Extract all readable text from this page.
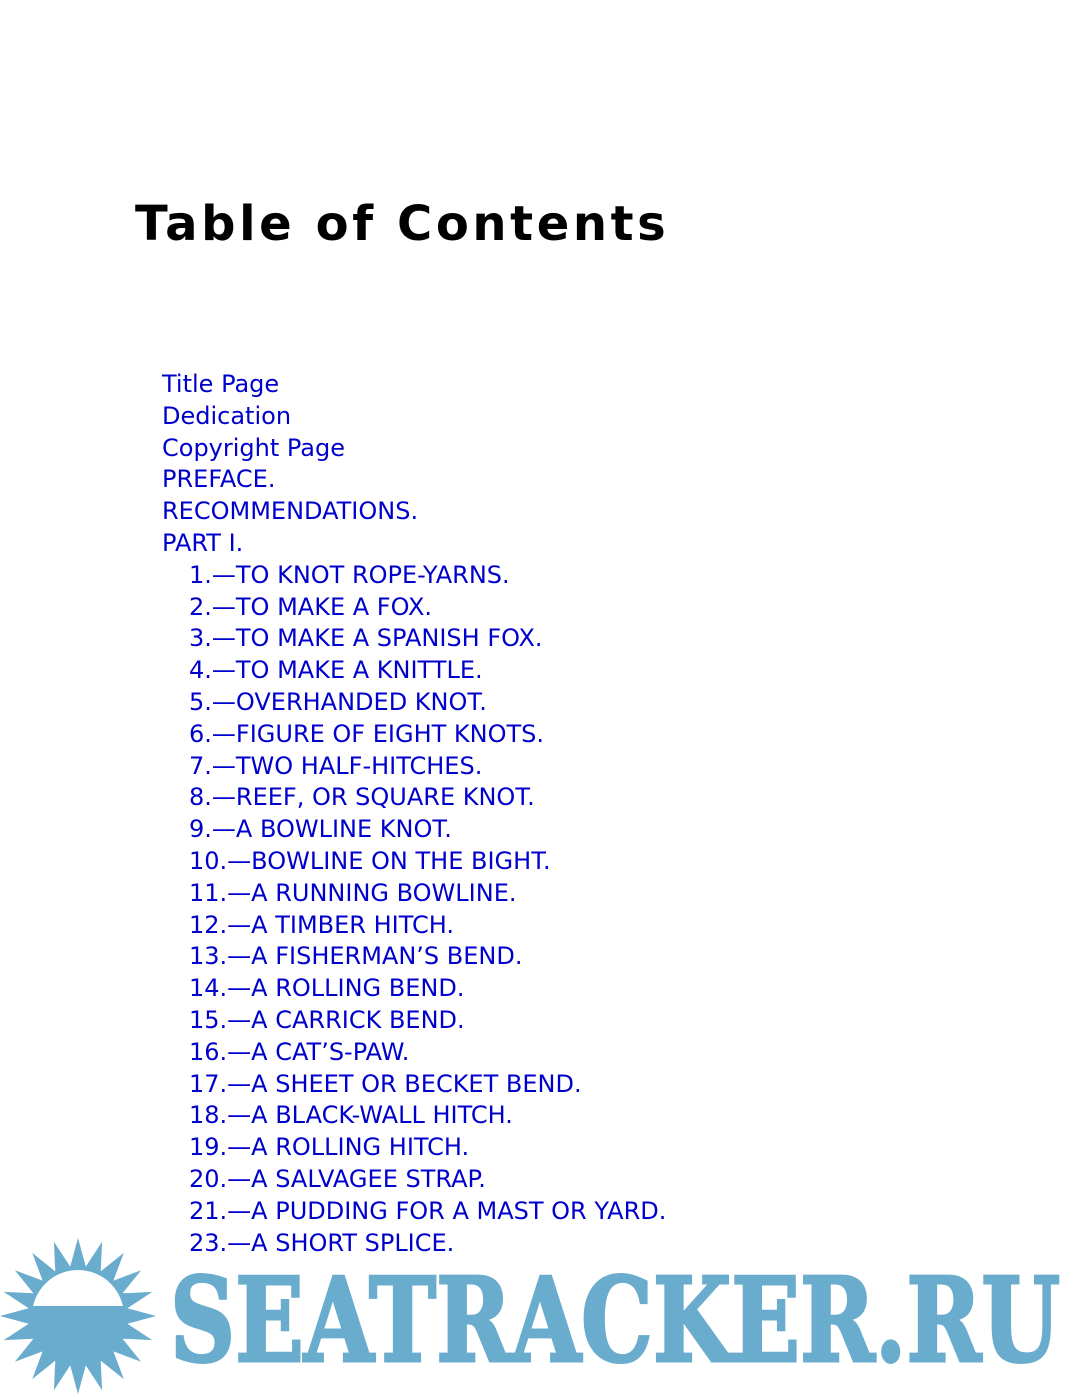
Table of Contents
Title Page
Dedication
Copyright Page
PREFACE.
RECOMMENDATIONS.
PART I.
1.—TO KNOT ROPE-YARNS.
2.—TO MAKE A FOX.
3.—TO MAKE A SPANISH FOX.
4.—TO MAKE A KNITTLE.
5.—OVERHANDED KNOT.
6.—FIGURE OF EIGHT KNOTS.
7.—TWO HALF-HITCHES.
8.—REEF, OR SQUARE KNOT.
9.—A BOWLINE KNOT.
10.—BOWLINE ON THE BIGHT.
11.—A RUNNING BOWLINE.
12.—A TIMBER HITCH.
13.—A FISHERMAN’S BEND.
14.—A ROLLING BEND.
15.—A CARRICK BEND.
16.—A CAT’S-PAW.
17.—A SHEET OR BECKET BEND.
18.—A BLACK-WALL HITCH.
19.—A ROLLING HITCH.
20.—A SALVAGEE STRAP.
21.—A PUDDING FOR A MAST OR YARD.
23.—A SHORT SPLICE.
SEATRACKER.RU
